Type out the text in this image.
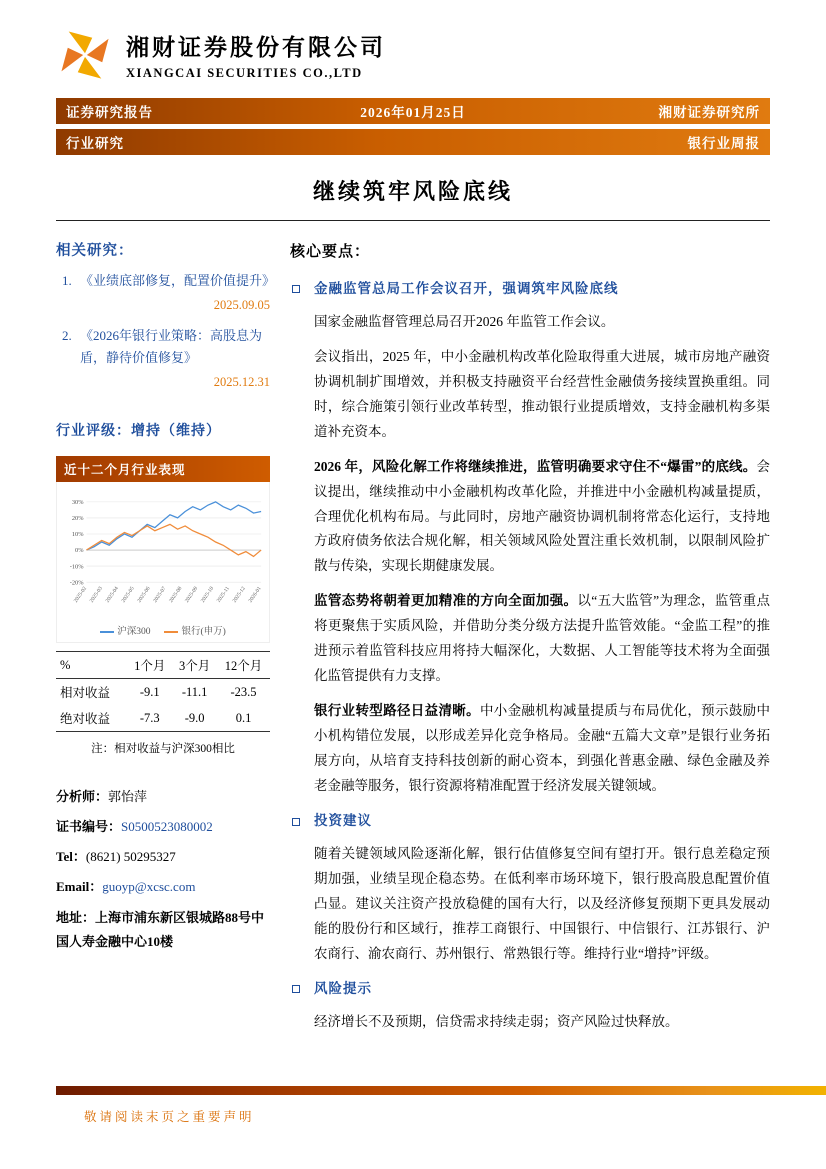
湘财证券股份有限公司
XIANGCAI SECURITIES CO.,LTD
证券研究报告	2026年01月25日	湘财证券研究所
行业研究	银行业周报
继续筑牢风险底线
相关研究：
1. 《业绩底部修复，配置价值提升》
2025.09.05
2. 《2026年银行业策略：高股息为盾，静待价值修复》
2025.12.31
行业评级：增持（维持）
近十二个月行业表现
-20%
-10%
0%
10%
20%
30%
2025-02 2025-03 2025-04 2025-05 2025-06 2025-07 2025-08 2025-09 2025-10 2025-11 2025-12 2026-01
沪深300	银行(申万)
%	1个月	3个月	12个月
相对收益	-9.1	-11.1	-23.5
绝对收益	-7.3	-9.0	0.1
注：相对收益与沪深300相比

分析师：郭怡萍

证书编号：S0500523080002

Tel：(8621) 50295327

Email：guoyp@xcsc.com

地址：上海市浦东新区银城路88号中国人寿金融中心10楼

核心要点：
金融监管总局工作会议召开，强调筑牢风险底线

国家金融监督管理总局召开2026 年监管工作会议。

会议指出，2025 年，中小金融机构改革化险取得重大进展，城市房地产融资协调机制扩围增效，并积极支持融资平台经营性金融债务接续置换重组。同时，综合施策引领行业改革转型，推动银行业提质增效，支持金融机构多渠道补充资本。

2026 年，风险化解工作将继续推进，监管明确要求守住不“爆雷”的底线。会议提出，继续推动中小金融机构改革化险，并推进中小金融机构减量提质，合理优化机构布局。与此同时，房地产融资协调机制将常态化运行，支持地方政府债务依法合规化解，相关领域风险处置注重长效机制，以限制风险扩散与传染，实现长期健康发展。

监管态势将朝着更加精准的方向全面加强。以“五大监管”为理念，监管重点将更聚焦于实质风险，并借助分类分级方法提升监管效能。“金监工程”的推进预示着监管科技应用将持大幅深化，大数据、人工智能等技术将为全面强化监管提供有力支撑。

银行业转型路径日益清晰。中小金融机构减量提质与布局优化，预示鼓励中小机构错位发展，以形成差异化竞争格局。金融“五篇大文章”是银行业务拓展方向，从培育支持科技创新的耐心资本，到强化普惠金融、绿色金融及养老金融等服务，银行资源将精准配置于经济发展关键领域。

投资建议

随着关键领域风险逐渐化解，银行估值修复空间有望打开。银行息差稳定预期加强，业绩呈现企稳态势。在低利率市场环境下，银行股高股息配置价值凸显。建议关注资产投放稳健的国有大行，以及经济修复预期下更具发展动能的股份行和区域行，推荐工商银行、中国银行、中信银行、江苏银行、沪农商行、渝农商行、苏州银行、常熟银行等。维持行业“增持”评级。

风险提示

经济增长不及预期，信贷需求持续走弱；资产风险过快释放。

敬请阅读末页之重要声明
